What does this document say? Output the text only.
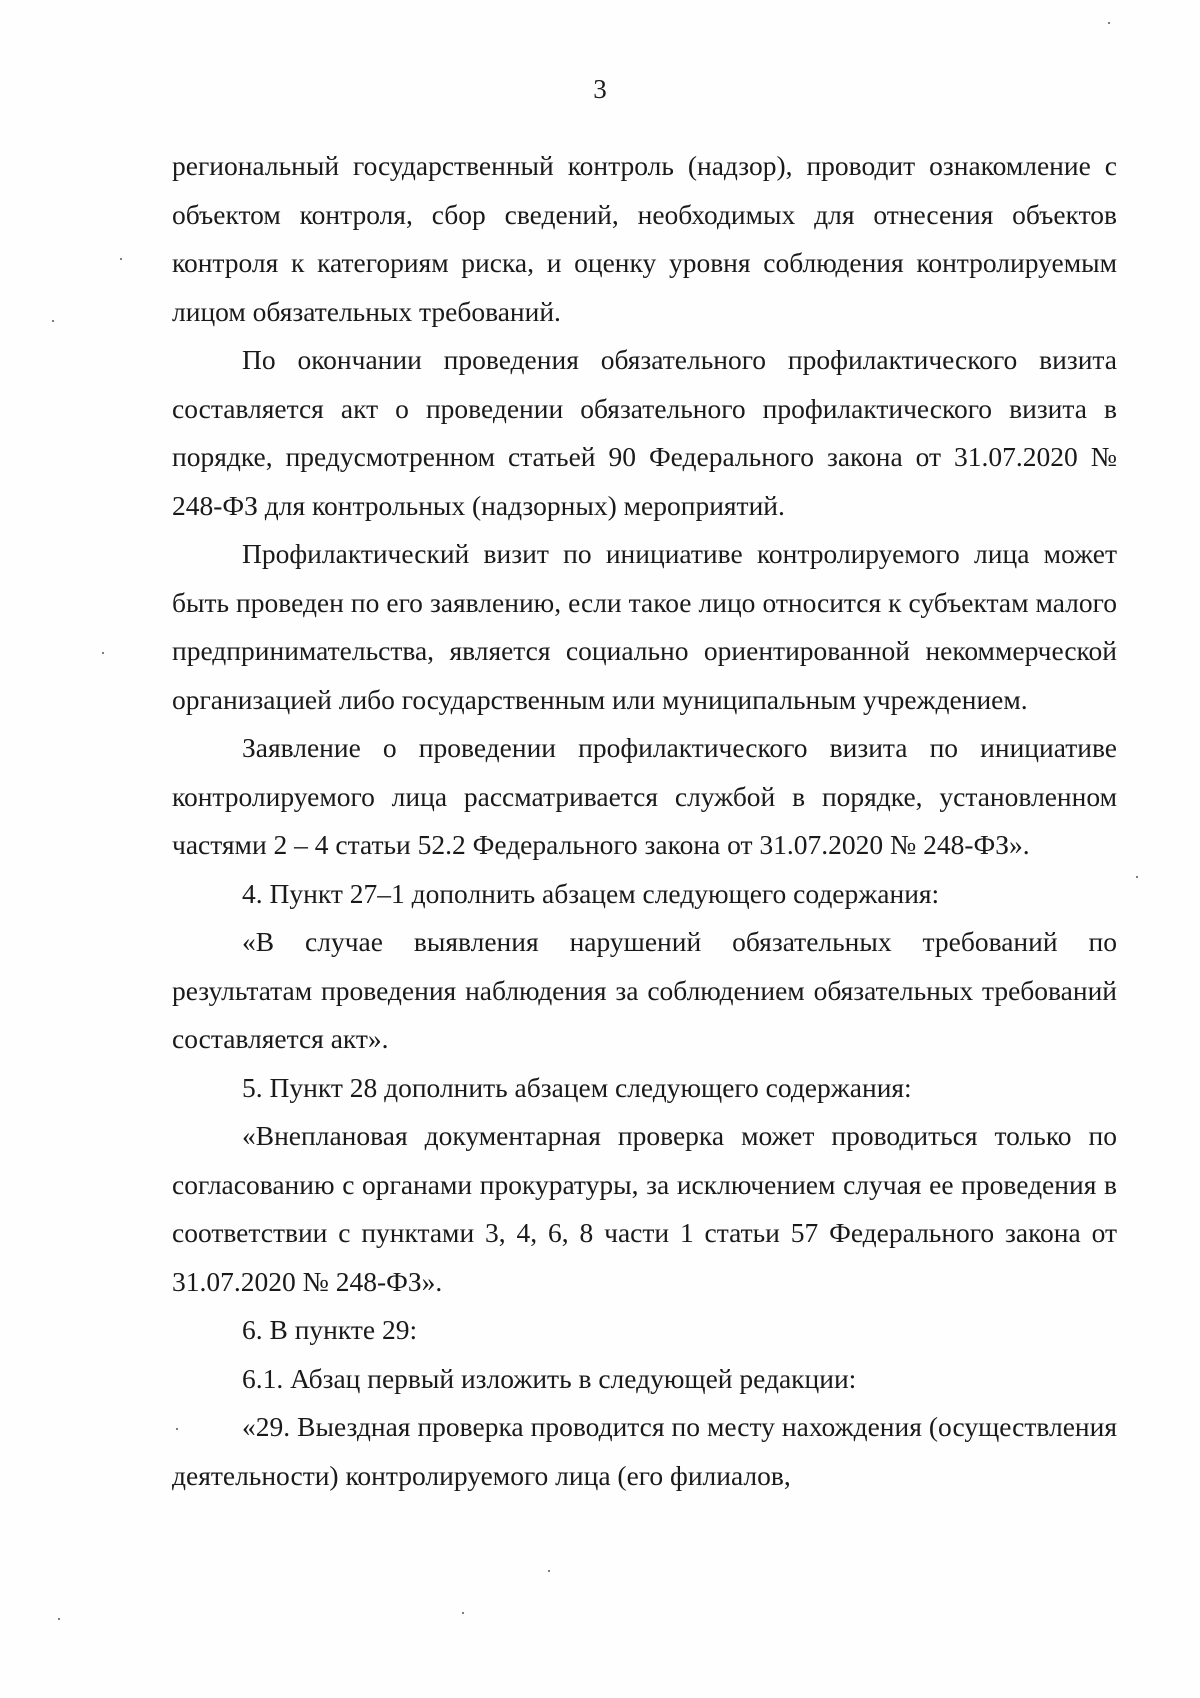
3

региональный государственный контроль (надзор), проводит ознакомление с объектом контроля, сбор сведений, необходимых для отнесения объектов контроля к категориям риска, и оценку уровня соблюдения контролируемым лицом обязательных требований.

По окончании проведения обязательного профилактического визита составляется акт о проведении обязательного профилактического визита в порядке, предусмотренном статьей 90 Федерального закона от 31.07.2020 № 248-ФЗ для контрольных (надзорных) мероприятий.

Профилактический визит по инициативе контролируемого лица может быть проведен по его заявлению, если такое лицо относится к субъектам малого предпринимательства, является социально ориентированной некоммерческой организацией либо государственным или муниципальным учреждением.

Заявление о проведении профилактического визита по инициативе контролируемого лица рассматривается службой в порядке, установленном частями 2 – 4 статьи 52.2 Федерального закона от 31.07.2020 № 248-ФЗ».

4. Пункт 27–1 дополнить абзацем следующего содержания:

«В случае выявления нарушений обязательных требований по результатам проведения наблюдения за соблюдением обязательных требований составляется акт».

5. Пункт 28 дополнить абзацем следующего содержания:

«Внеплановая документарная проверка может проводиться только по согласованию с органами прокуратуры, за исключением случая ее проведения в соответствии с пунктами 3, 4, 6, 8 части 1 статьи 57 Федерального закона от 31.07.2020 № 248-ФЗ».

6. В пункте 29:

6.1. Абзац первый изложить в следующей редакции:

«29. Выездная проверка проводится по месту нахождения (осуществления деятельности) контролируемого лица (его филиалов,
